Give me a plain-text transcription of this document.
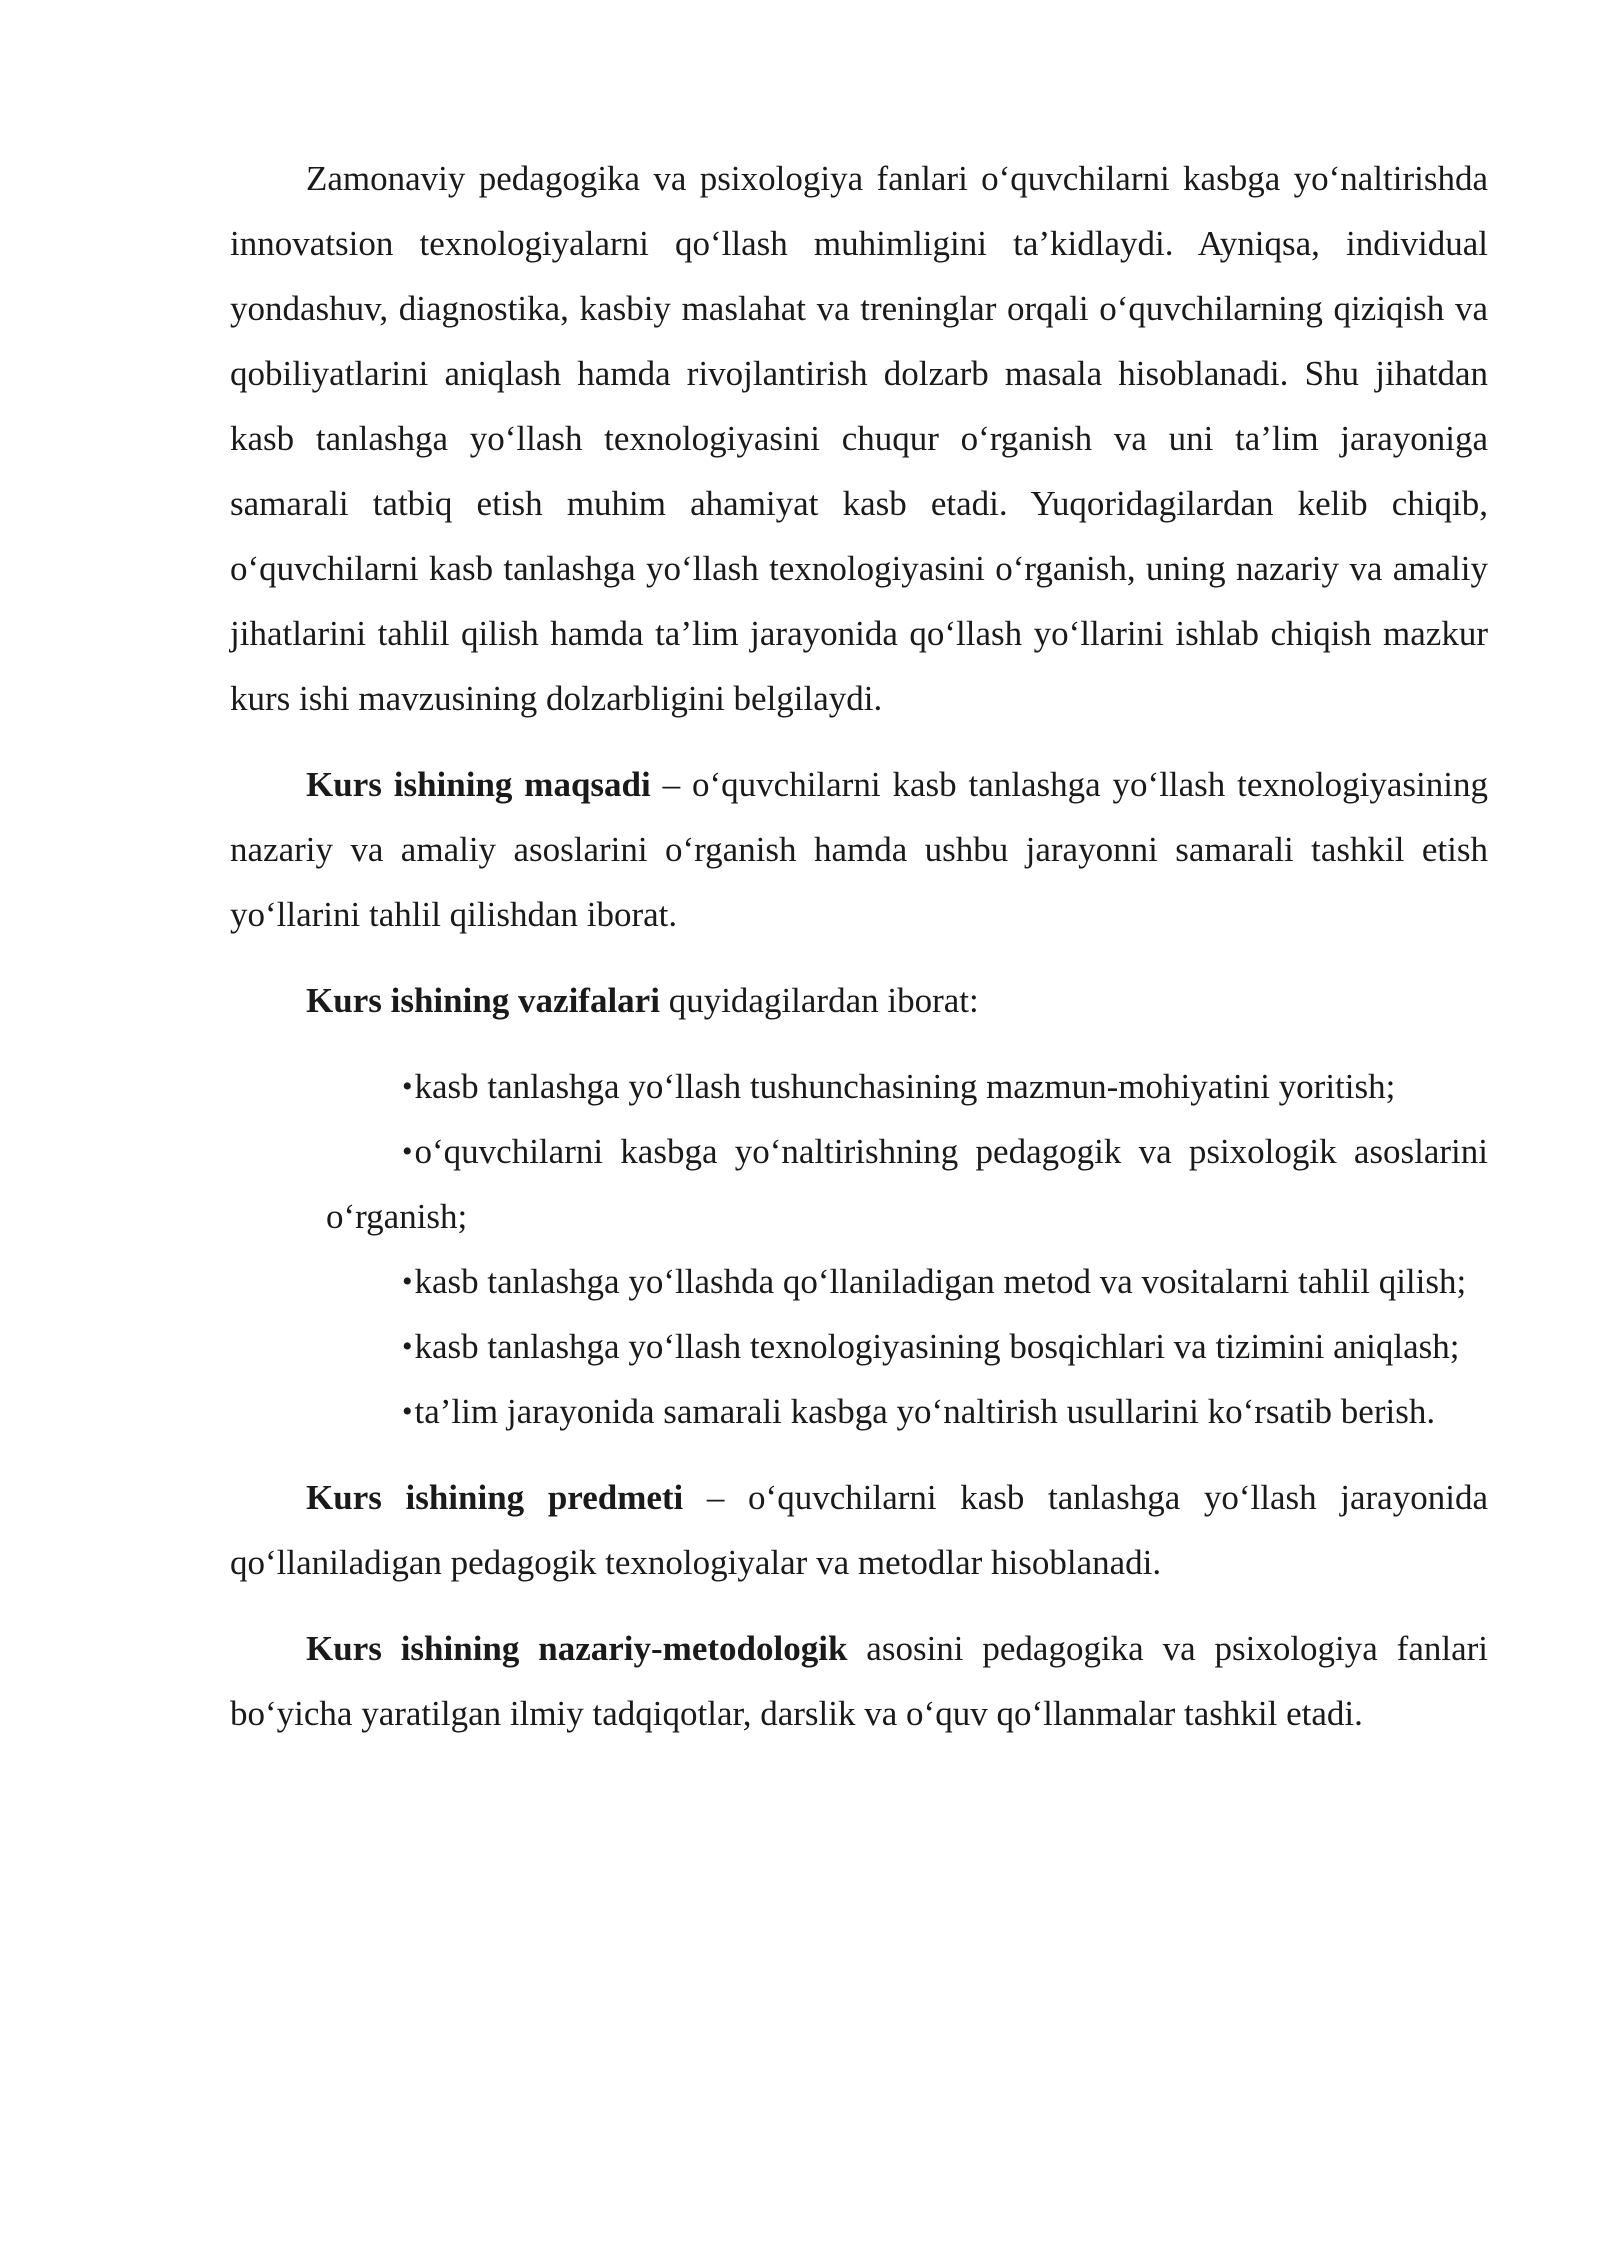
Zamonaviy pedagogika va psixologiya fanlari o‘quvchilarni kasbga yo‘naltirishda innovatsion texnologiyalarni qo‘llash muhimligini ta’kidlaydi. Ayniqsa, individual yondashuv, diagnostika, kasbiy maslahat va treninglar orqali o‘quvchilarning qiziqish va qobiliyatlarini aniqlash hamda rivojlantirish dolzarb masala hisoblanadi. Shu jihatdan kasb tanlashga yo‘llash texnologiyasini chuqur o‘rganish va uni ta’lim jarayoniga samarali tatbiq etish muhim ahamiyat kasb etadi. Yuqoridagilardan kelib chiqib, o‘quvchilarni kasb tanlashga yo‘llash texnologiyasini o‘rganish, uning nazariy va amaliy jihatlarini tahlil qilish hamda ta’lim jarayonida qo‘llash yo‘llarini ishlab chiqish mazkur kurs ishi mavzusining dolzarbligini belgilaydi.

Kurs ishining maqsadi – o‘quvchilarni kasb tanlashga yo‘llash texnologiyasining nazariy va amaliy asoslarini o‘rganish hamda ushbu jarayonni samarali tashkil etish yo‘llarini tahlil qilishdan iborat.

Kurs ishining vazifalari quyidagilardan iborat:

•kasb tanlashga yo‘llash tushunchasining mazmun-mohiyatini yoritish;
•o‘quvchilarni kasbga yo‘naltirishning pedagogik va psixologik asoslarini o‘rganish;
•kasb tanlashga yo‘llashda qo‘llaniladigan metod va vositalarni tahlil qilish;
•kasb tanlashga yo‘llash texnologiyasining bosqichlari va tizimini aniqlash;
•ta’lim jarayonida samarali kasbga yo‘naltirish usullarini ko‘rsatib berish.

Kurs ishining predmeti – o‘quvchilarni kasb tanlashga yo‘llash jarayonida qo‘llaniladigan pedagogik texnologiyalar va metodlar hisoblanadi.

Kurs ishining nazariy-metodologik asosini pedagogika va psixologiya fanlari bo‘yicha yaratilgan ilmiy tadqiqotlar, darslik va o‘quv qo‘llanmalar tashkil etadi.
